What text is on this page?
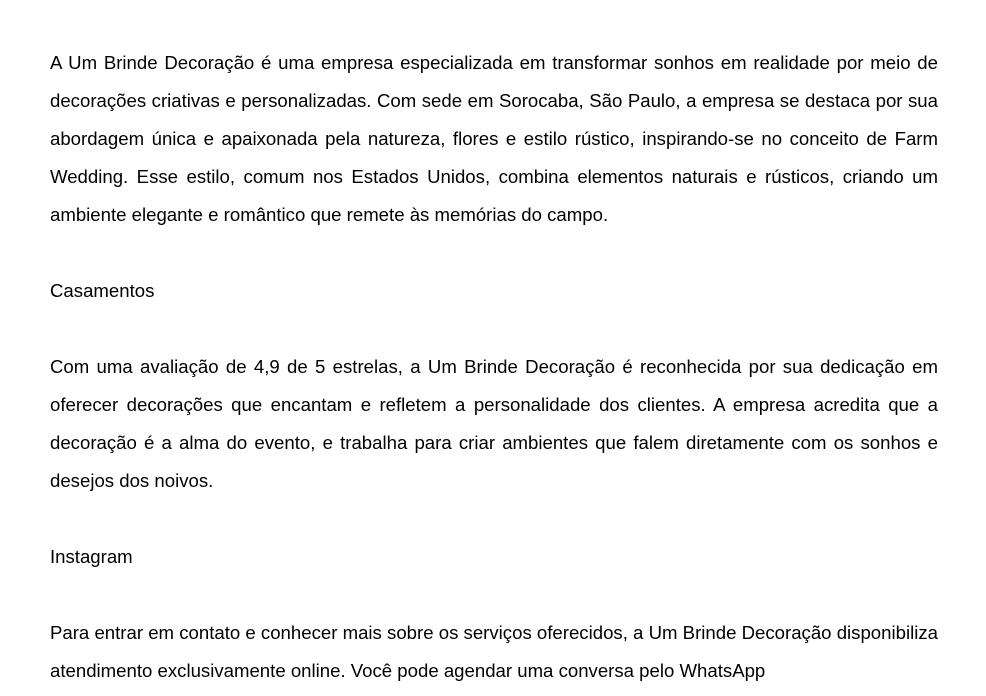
A Um Brinde Decoração é uma empresa especializada em transformar sonhos em realidade por meio de decorações criativas e personalizadas. Com sede em Sorocaba, São Paulo, a empresa se destaca por sua abordagem única e apaixonada pela natureza, flores e estilo rústico, inspirando-se no conceito de Farm Wedding. Esse estilo, comum nos Estados Unidos, combina elementos naturais e rústicos, criando um ambiente elegante e romântico que remete às memórias do campo.

Casamentos

Com uma avaliação de 4,9 de 5 estrelas, a Um Brinde Decoração é reconhecida por sua dedicação em oferecer decorações que encantam e refletem a personalidade dos clientes. A empresa acredita que a decoração é a alma do evento, e trabalha para criar ambientes que falem diretamente com os sonhos e desejos dos noivos.

Instagram

Para entrar em contato e conhecer mais sobre os serviços oferecidos, a Um Brinde Decoração disponibiliza atendimento exclusivamente online. Você pode agendar uma conversa pelo WhatsApp
